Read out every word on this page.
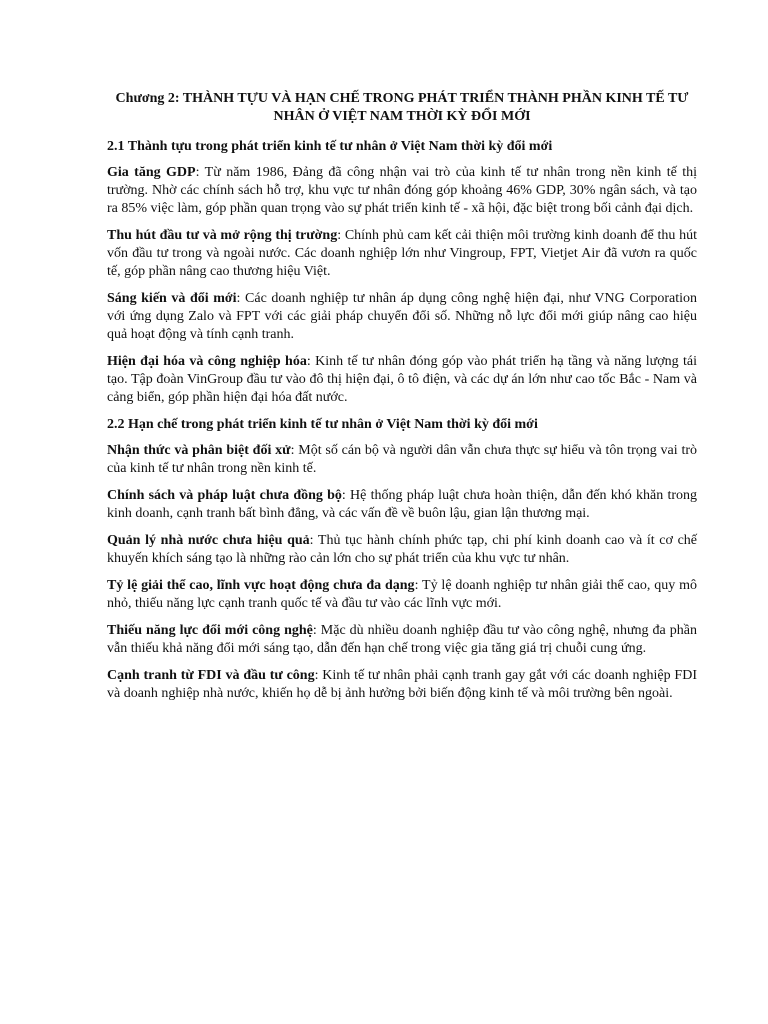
Chương 2: THÀNH TỰU VÀ HẠN CHẾ TRONG PHÁT TRIỂN THÀNH PHẦN KINH TẾ TƯ NHÂN Ở VIỆT NAM THỜI KỲ ĐỔI MỚI
2.1 Thành tựu trong phát triển kinh tế tư nhân ở Việt Nam thời kỳ đổi mới

Gia tăng GDP: Từ năm 1986, Đảng đã công nhận vai trò của kinh tế tư nhân trong nền kinh tế thị trường. Nhờ các chính sách hỗ trợ, khu vực tư nhân đóng góp khoảng 46% GDP, 30% ngân sách, và tạo ra 85% việc làm, góp phần quan trọng vào sự phát triển kinh tế - xã hội, đặc biệt trong bối cảnh đại dịch.

Thu hút đầu tư và mở rộng thị trường: Chính phủ cam kết cải thiện môi trường kinh doanh để thu hút vốn đầu tư trong và ngoài nước. Các doanh nghiệp lớn như Vingroup, FPT, Vietjet Air đã vươn ra quốc tế, góp phần nâng cao thương hiệu Việt.

Sáng kiến và đổi mới: Các doanh nghiệp tư nhân áp dụng công nghệ hiện đại, như VNG Corporation với ứng dụng Zalo và FPT với các giải pháp chuyển đổi số. Những nỗ lực đổi mới giúp nâng cao hiệu quả hoạt động và tính cạnh tranh.

Hiện đại hóa và công nghiệp hóa: Kinh tế tư nhân đóng góp vào phát triển hạ tầng và năng lượng tái tạo. Tập đoàn VinGroup đầu tư vào đô thị hiện đại, ô tô điện, và các dự án lớn như cao tốc Bắc - Nam và cảng biển, góp phần hiện đại hóa đất nước.

2.2 Hạn chế trong phát triển kinh tế tư nhân ở Việt Nam thời kỳ đổi mới

Nhận thức và phân biệt đối xử: Một số cán bộ và người dân vẫn chưa thực sự hiểu và tôn trọng vai trò của kinh tế tư nhân trong nền kinh tế.

Chính sách và pháp luật chưa đồng bộ: Hệ thống pháp luật chưa hoàn thiện, dẫn đến khó khăn trong kinh doanh, cạnh tranh bất bình đẳng, và các vấn đề về buôn lậu, gian lận thương mại.

Quản lý nhà nước chưa hiệu quả: Thủ tục hành chính phức tạp, chi phí kinh doanh cao và ít cơ chế khuyến khích sáng tạo là những rào cản lớn cho sự phát triển của khu vực tư nhân.

Tỷ lệ giải thể cao, lĩnh vực hoạt động chưa đa dạng: Tỷ lệ doanh nghiệp tư nhân giải thể cao, quy mô nhỏ, thiếu năng lực cạnh tranh quốc tế và đầu tư vào các lĩnh vực mới.

Thiếu năng lực đổi mới công nghệ: Mặc dù nhiều doanh nghiệp đầu tư vào công nghệ, nhưng đa phần vẫn thiếu khả năng đổi mới sáng tạo, dẫn đến hạn chế trong việc gia tăng giá trị chuỗi cung ứng.

Cạnh tranh từ FDI và đầu tư công: Kinh tế tư nhân phải cạnh tranh gay gắt với các doanh nghiệp FDI và doanh nghiệp nhà nước, khiến họ dễ bị ảnh hưởng bởi biến động kinh tế và môi trường bên ngoài.
